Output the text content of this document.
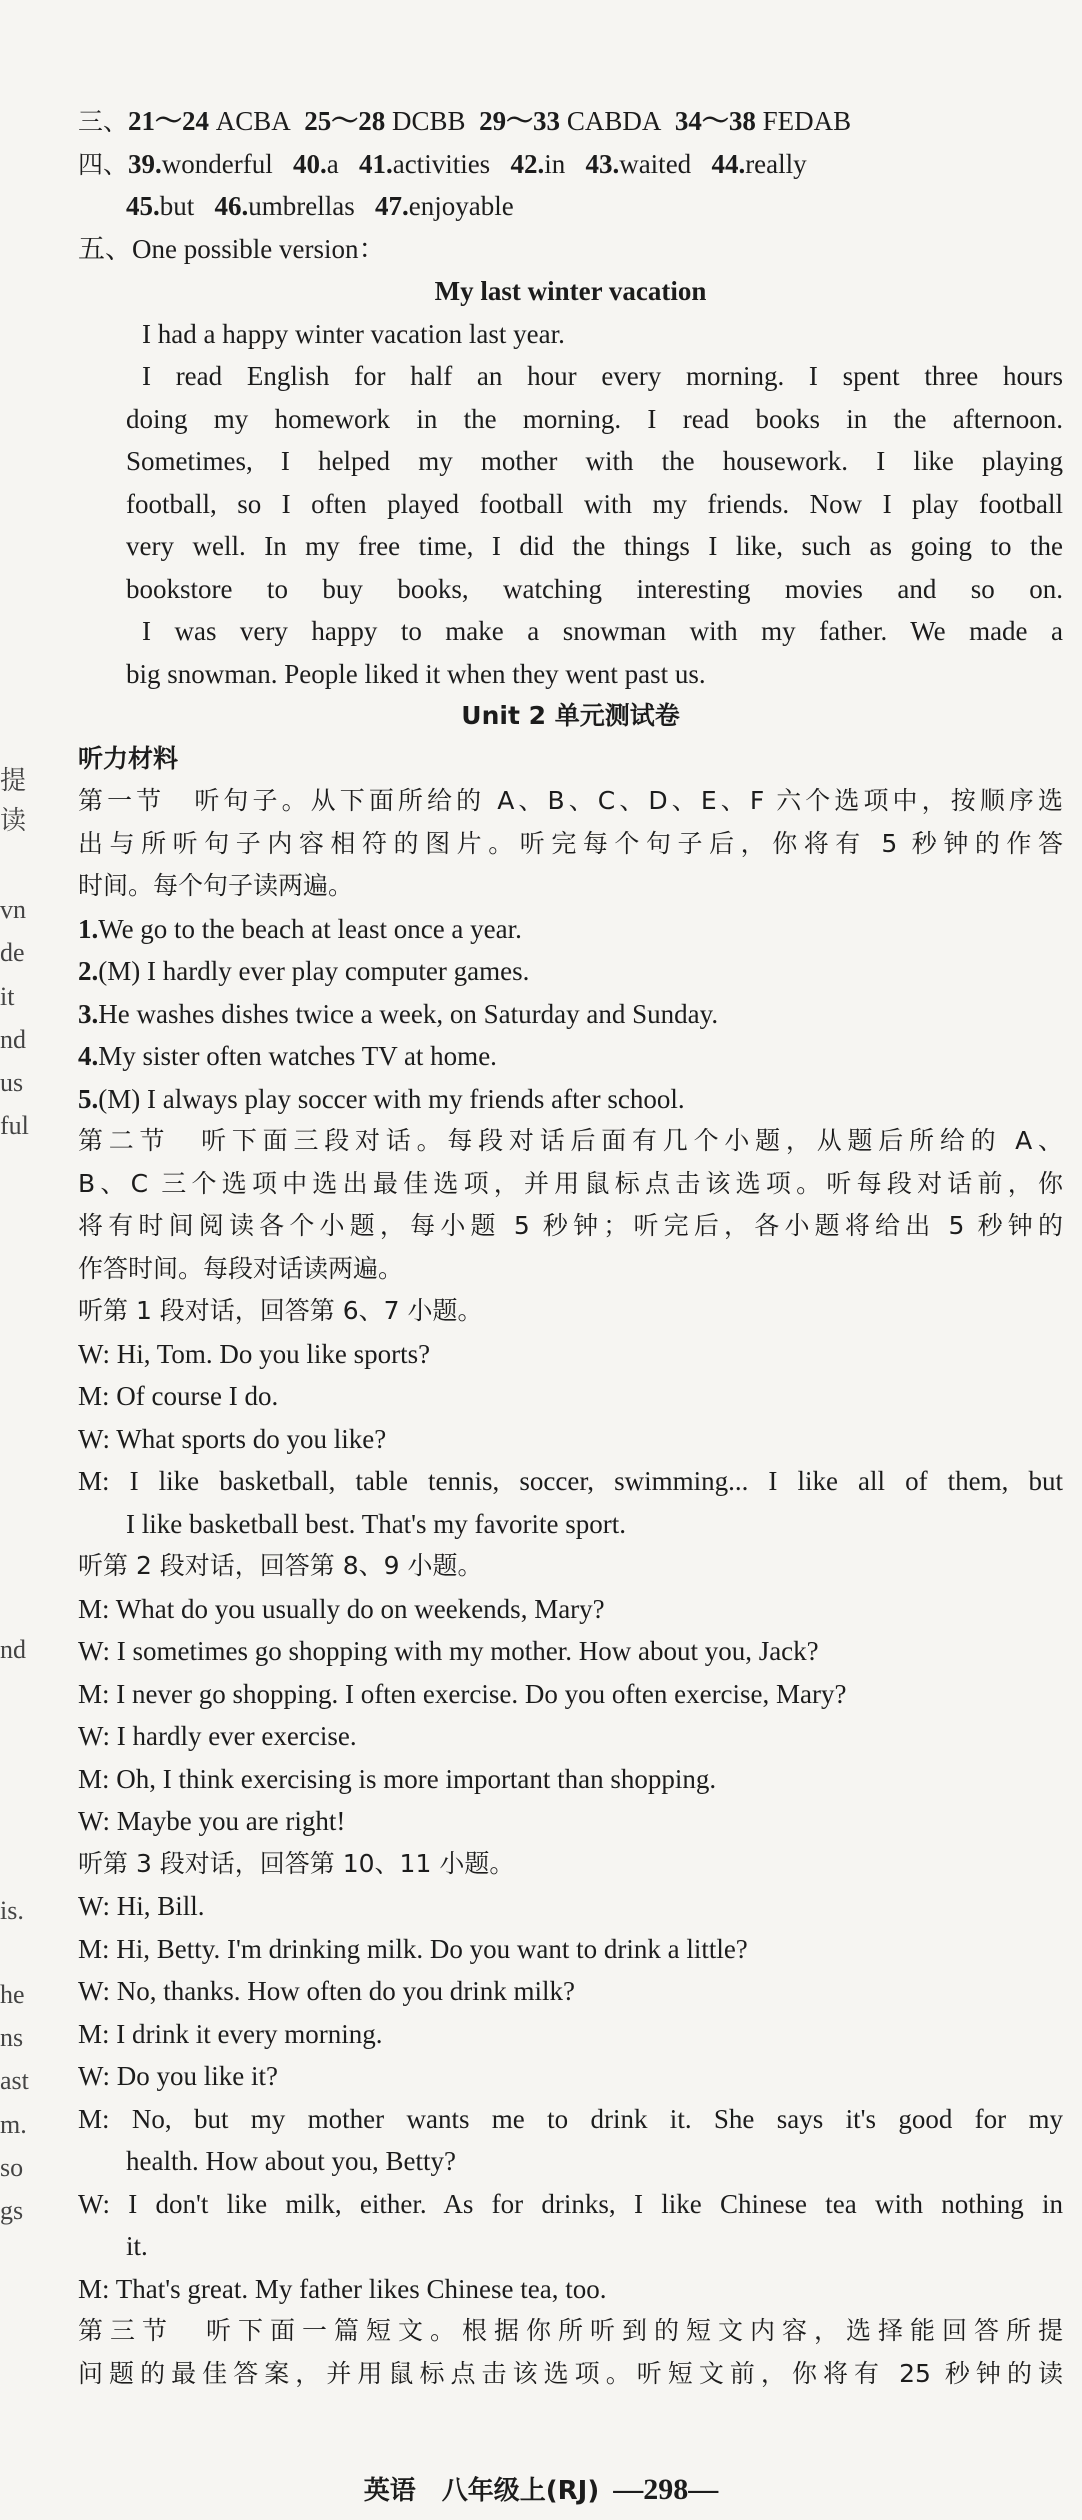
提
读
vn
de
it
nd
us
ful
nd
is.
he
ns
ast
m.
so
gs
三、21～24 ACBA 25～28 DCBB 29～33 CABDA 34～38 FEDAB
四、39.wonderful 40.a 41.activities 42.in 43.waited 44.really
45.but 46.umbrellas 47.enjoyable
五、One possible version：
My last winter vacation
I had a happy winter vacation last year.
I read English for half an hour every morning. I spent three hours
doing my homework in the morning. I read books in the afternoon.
Sometimes, I helped my mother with the housework. I like playing
football, so I often played football with my friends. Now I play football
very well. In my free time, I did the things I like, such as going to the
bookstore to buy books, watching interesting movies and so on.
I was very happy to make a snowman with my father. We made a
big snowman. People liked it when they went past us.
Unit 2 单元测试卷
听力材料
第一节　听句子。从下面所给的 A、B、C、D、E、F 六个选项中，按顺序选
出与所听句子内容相符的图片。听完每个句子后，你将有 5 秒钟的作答
时间。每个句子读两遍。
1.We go to the beach at least once a year.
2.(M) I hardly ever play computer games.
3.He washes dishes twice a week, on Saturday and Sunday.
4.My sister often watches TV at home.
5.(M) I always play soccer with my friends after school.
第二节　听下面三段对话。每段对话后面有几个小题，从题后所给的 A、
B、C 三个选项中选出最佳选项，并用鼠标点击该选项。听每段对话前，你
将有时间阅读各个小题，每小题 5 秒钟；听完后，各小题将给出 5 秒钟的
作答时间。每段对话读两遍。
听第 1 段对话，回答第 6、7 小题。
W: Hi, Tom. Do you like sports?
M: Of course I do.
W: What sports do you like?
M: I like basketball, table tennis, soccer, swimming... I like all of them, but
I like basketball best. That's my favorite sport.
听第 2 段对话，回答第 8、9 小题。
M: What do you usually do on weekends, Mary?
W: I sometimes go shopping with my mother. How about you, Jack?
M: I never go shopping. I often exercise. Do you often exercise, Mary?
W: I hardly ever exercise.
M: Oh, I think exercising is more important than shopping.
W: Maybe you are right!
听第 3 段对话，回答第 10、11 小题。
W: Hi, Bill.
M: Hi, Betty. I'm drinking milk. Do you want to drink a little?
W: No, thanks. How often do you drink milk?
M: I drink it every morning.
W: Do you like it?
M: No, but my mother wants me to drink it. She says it's good for my
health. How about you, Betty?
W: I don't like milk, either. As for drinks, I like Chinese tea with nothing in
it.
M: That's great. My father likes Chinese tea, too.
第三节　听下面一篇短文。根据你所听到的短文内容，选择能回答所提
问题的最佳答案，并用鼠标点击该选项。听短文前，你将有 25 秒钟的读
英语　八年级上(RJ) —298—
